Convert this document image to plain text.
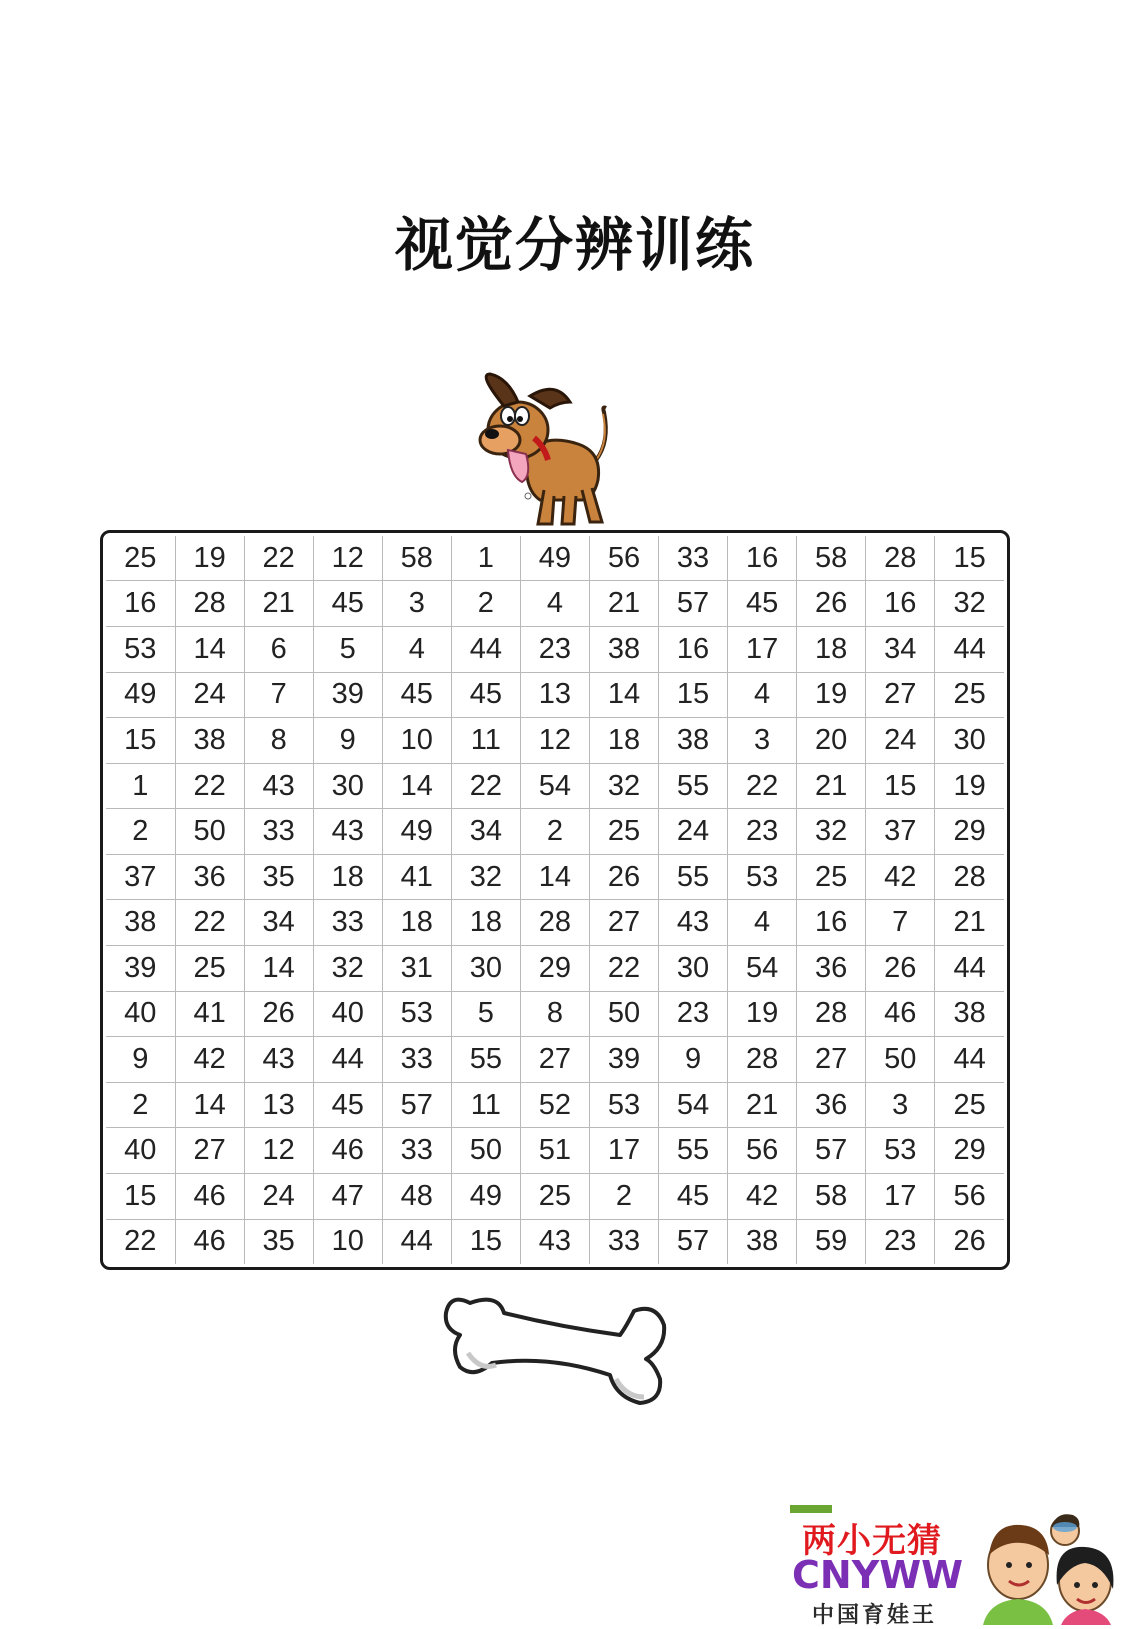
视觉分辨训练
25	19	22	12	58	1	49	56	33	16	58	28	15
16	28	21	45	3	2	4	21	57	45	26	16	32
53	14	6	5	4	44	23	38	16	17	18	34	44
49	24	7	39	45	45	13	14	15	4	19	27	25
15	38	8	9	10	11	12	18	38	3	20	24	30
1	22	43	30	14	22	54	32	55	22	21	15	19
2	50	33	43	49	34	2	25	24	23	32	37	29
37	36	35	18	41	32	14	26	55	53	25	42	28
38	22	34	33	18	18	28	27	43	4	16	7	21
39	25	14	32	31	30	29	22	30	54	36	26	44
40	41	26	40	53	5	8	50	23	19	28	46	38
9	42	43	44	33	55	27	39	9	28	27	50	44
2	14	13	45	57	11	52	53	54	21	36	3	25
40	27	12	46	33	50	51	17	55	56	57	53	29
15	46	24	47	48	49	25	2	45	42	58	17	56
22	46	35	10	44	15	43	33	57	38	59	23	26
两小无猜
CNYWW
中国育娃王
